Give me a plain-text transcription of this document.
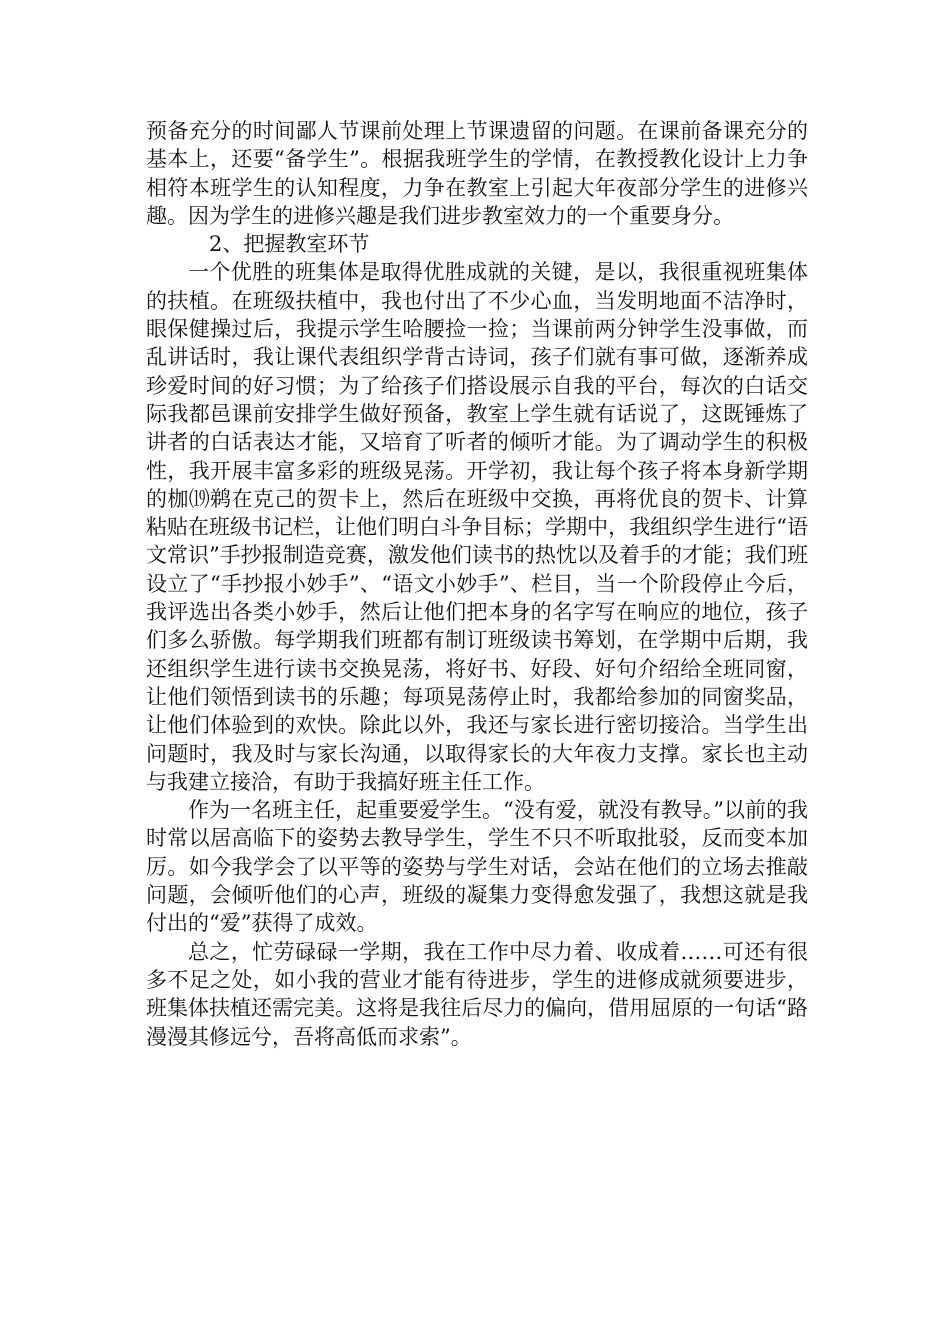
预备充分的时间鄙人节课前处理上节课遗留的问题。在课前备课充分的基本上，还要“备学生”。根据我班学生的学情，在教授教化设计上力争相符本班学生的认知程度，力争在教室上引起大年夜部分学生的进修兴趣。因为学生的进修兴趣是我们进步教室效力的一个重要身分。

2、把握教室环节

一个优胜的班集体是取得优胜成就的关键，是以，我很重视班集体的扶植。在班级扶植中，我也付出了不少心血，当发明地面不洁净时，眼保健操过后，我提示学生哈腰捡一捡；当课前两分钟学生没事做，而乱讲话时，我让课代表组织学背古诗词，孩子们就有事可做，逐渐养成珍爱时间的好习惯；为了给孩子们搭设展示自我的平台，每次的白话交际我都邑课前安排学生做好预备，教室上学生就有话说了，这既锤炼了讲者的白话表达才能，又培育了听者的倾听才能。为了调动学生的积极性，我开展丰富多彩的班级晃荡。开学初，我让每个孩子将本身新学期的枷⒆鹈在克己的贺卡上，然后在班级中交换，再将优良的贺卡、计算粘贴在班级书记栏，让他们明白斗争目标；学期中，我组织学生进行“语文常识”手抄报制造竞赛，激发他们读书的热忱以及着手的才能；我们班设立了“手抄报小妙手”、“语文小妙手”、栏目，当一个阶段停止今后，我评选出各类小妙手，然后让他们把本身的名字写在响应的地位，孩子们多么骄傲。每学期我们班都有制订班级读书筹划，在学期中后期，我还组织学生进行读书交换晃荡，将好书、好段、好句介绍给全班同窗，让他们领悟到读书的乐趣；每项晃荡停止时，我都给参加的同窗奖品，让他们体验到的欢快。除此以外，我还与家长进行密切接洽。当学生出问题时，我及时与家长沟通，以取得家长的大年夜力支撑。家长也主动与我建立接洽，有助于我搞好班主任工作。

作为一名班主任，起重要爱学生。“没有爱，就没有教导。”以前的我时常以居高临下的姿势去教导学生，学生不只不听取批驳，反而变本加厉。如今我学会了以平等的姿势与学生对话，会站在他们的立场去推敲问题，会倾听他们的心声，班级的凝集力变得愈发强了，我想这就是我付出的“爱”获得了成效。

总之，忙劳碌碌一学期，我在工作中尽力着、收成着……可还有很多不足之处，如小我的营业才能有待进步，学生的进修成就须要进步，班集体扶植还需完美。这将是我往后尽力的偏向，借用屈原的一句话“路漫漫其修远兮，吾将高低而求索”。
